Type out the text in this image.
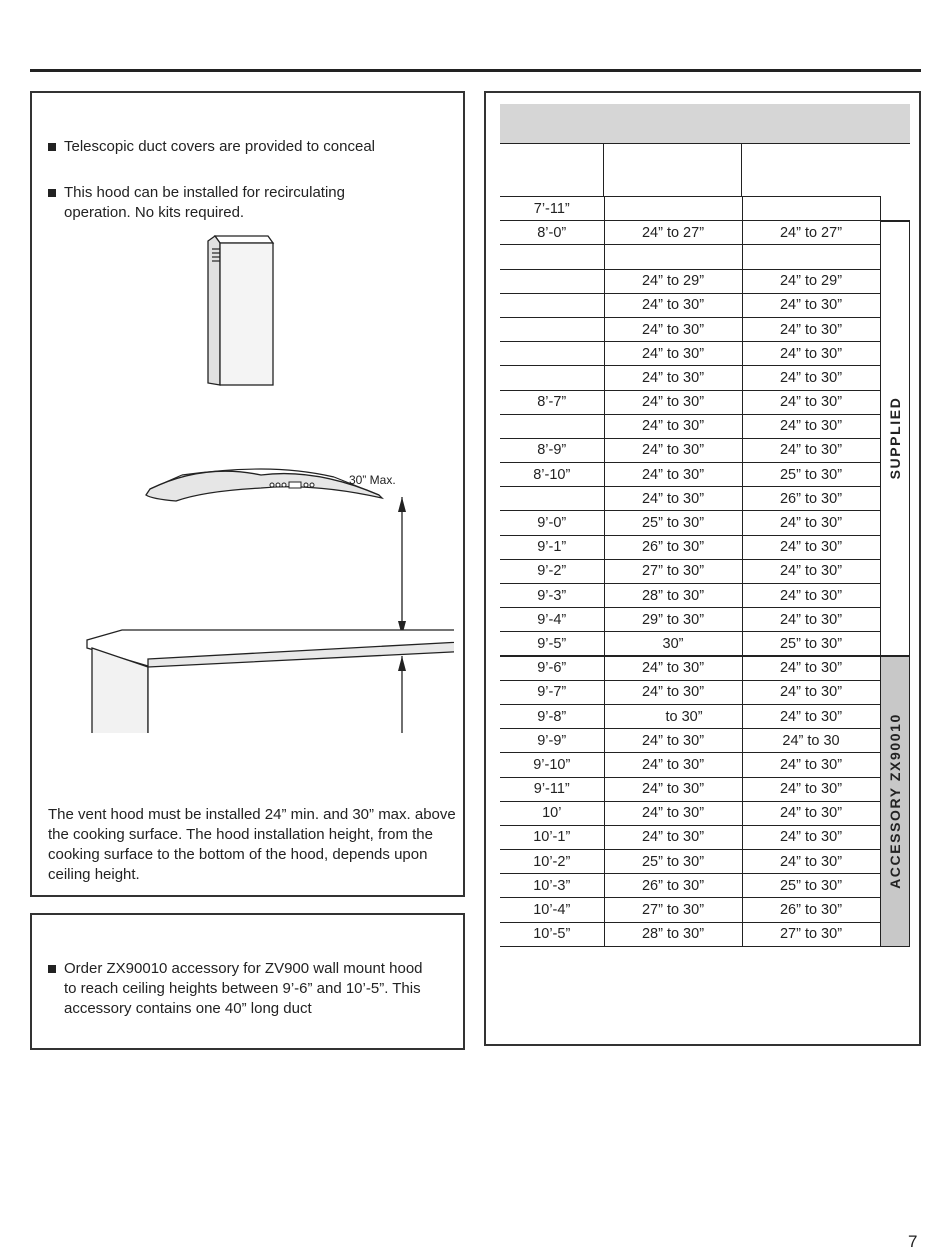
Telescopic duct covers are provided to conceal
This hood can be installed for recirculating operation. No kits required.
30” Max.
The vent hood must be installed 24” min. and 30” max. above the cooking surface. The hood installation height, from the cooking surface to the bottom of the hood, depends upon ceiling height.
Order ZX90010 accessory for ZV900 wall mount hood to reach ceiling heights between 9’-6” and 10’-5”. This accessory contains one 40” long duct
7’-11”			
8’-0”	24” to 27”	24” to 27”	SUPPLIED

	24” to 29”	24” to 29”	
	24” to 30”	24” to 30”	
	24” to 30”	24” to 30”	
	24” to 30”	24” to 30”	
	24” to 30”	24” to 30”	
8’-7”	24” to 30”	24” to 30”	
	24” to 30”	24” to 30”	
8’-9”	24” to 30”	24” to 30”	
8’-10”	24” to 30”	25” to 30”	
	24” to 30”	26” to 30”	
9’-0”	25” to 30”	24” to 30”	
9’-1”	26” to 30”	24” to 30”	
9’-2”	27” to 30”	24” to 30”	
9’-3”	28” to 30”	24” to 30”	
9’-4”	29” to 30”	24” to 30”	
9’-5”	30”	25” to 30”	
9’-6”	24” to 30”	24” to 30”	ACCESSORY ZX90010

9’-7”	24” to 30”	24” to 30”	
9’-8”	to 30”	24” to 30”	
9’-9”	24” to 30”	24” to 30	
9’-10”	24” to 30”	24” to 30”	
9’-11”	24” to 30”	24” to 30”	
10’	24” to 30”	24” to 30”	
10’-1”	24” to 30”	24” to 30”	
10’-2”	25” to 30”	24” to 30”	
10’-3”	26” to 30”	25” to 30”	
10’-4”	27” to 30”	26” to 30”	
10’-5”	28” to 30”	27” to 30”	
7
